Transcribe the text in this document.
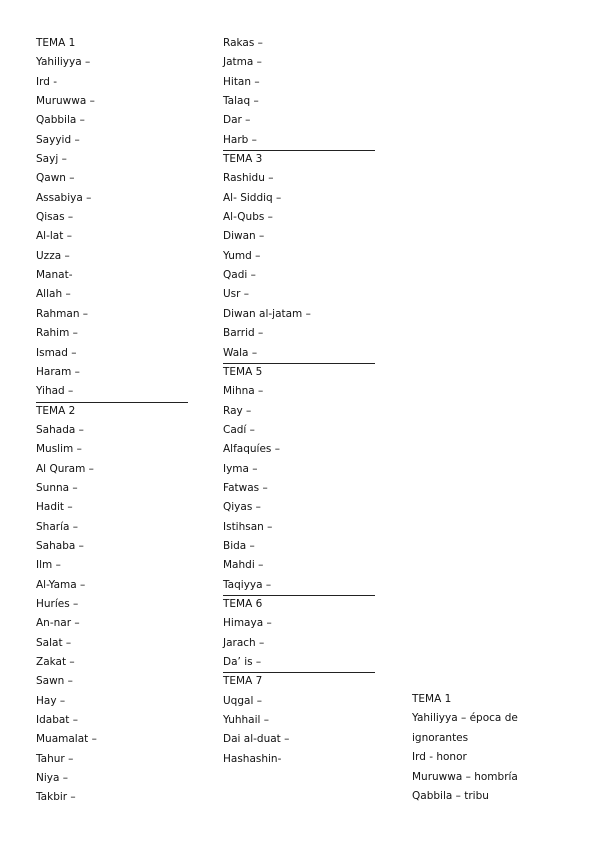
TEMA 1
Yahiliyya –
Ird -
Muruwwa –
Qabbila –
Sayyid –
Sayj –
Qawn –
Assabiya –
Qisas –
Al-lat –
Uzza –
Manat-
Allah –
Rahman –
Rahim –
Ismad –
Haram –
Yihad –
TEMA 2
Sahada –
Muslim –
Al Quram –
Sunna –
Hadit –
Sharía –
Sahaba –
Ilm –
Al-Yama –
Huríes –
An-nar –
Salat –
Zakat –
Sawn –
Hay –
Idabat –
Muamalat –
Tahur –
Niya –
Takbir –
Rakas –
Jatma –
Hitan –
Talaq –
Dar –
Harb –
TEMA 3
Rashidu –
Al- Siddiq –
Al-Qubs –
Diwan –
Yumd –
Qadi –
Usr –
Diwan al-jatam –
Barrid –
Wala –
TEMA 5
Mihna –
Ray –
Cadí –
Alfaquíes –
Iyma –
Fatwas –
Qiyas –
Istihsan –
Bida –
Mahdi –
Taqiyya –
TEMA 6
Himaya –
Jarach –
Da’ is –
TEMA 7
Uqgal –
Yuhhail –
Dai al-duat –
Hashashin-
TEMA 1
Yahiliyya – época de
ignorantes
Ird - honor
Muruwwa – hombría
Qabbila – tribu
